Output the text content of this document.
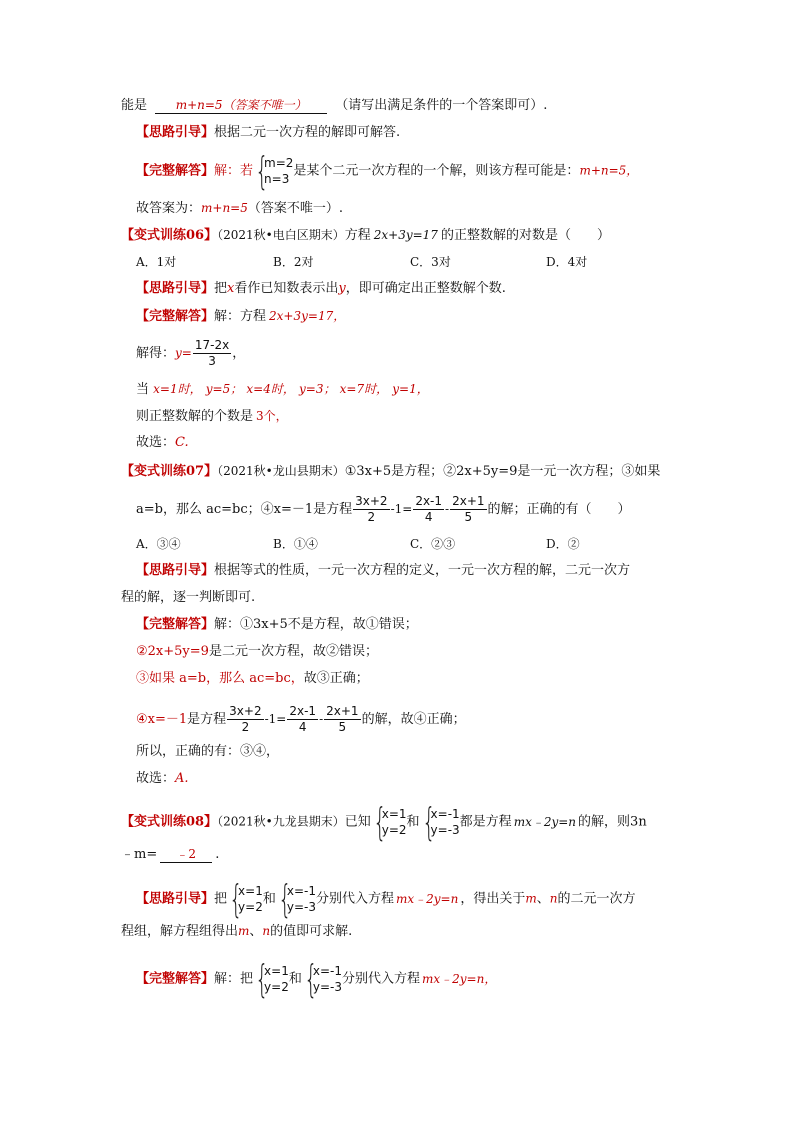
能是 m+n=5（答案不唯一） （请写出满足条件的一个答案即可）.
【思路引导】根据二元一次方程的解即可解答.
【完整解答】解：若 {
m=2
n=3
是某个二元一次方程的一个解，则该方程可能是：m+n=5，
故答案为：m+n=5（答案不唯一）.
【变式训练06】（2021秋•电白区期末）方程 2x+3y=17 的正整数解的对数是（　　）
A．1对	B．2对	C．3对	D．4对
【思路引导】把x看作已知数表示出y，即可确定出正整数解个数.
【完整解答】解：方程 2x+3y=17，
解得：$y= \frac{17-2x}{3}$ ，
当 x=1时， y=5； x=4时， y=3； x=7时， y=1，
则正整数解的个数是 3个，
故选：C.
【变式训练07】（2021秋•龙山县期末）①3x+5是方程；②2x+5y=9是一元一次方程；③如果
a=b，那么 ac=bc；④x=－1是方程 $\frac{3x+2}{2} -1= \frac{2x-1}{4} - \frac{2x+1}{5}$ 的解；正确的有（　　）
A．③④	B．①④	C．②③	D．②
【思路引导】根据等式的性质，一元一次方程的定义，一元一次方程的解，二元一次方
程的解，逐一判断即可.
【完整解答】解：①3x+5不是方程，故①错误；
②2x+5y=9是二元一次方程，故②错误；
③如果 a=b，那么 ac=bc，故③正确；
④x=－1是方程 $\frac{3x+2}{2} -1= \frac{2x-1}{4} - \frac{2x+1}{5}$ 的解，故④正确；
所以，正确的有：③④，
故选：A.
【变式训练08】（2021秋•九龙县期末）已知 {
x=1
y=2
和 {
x=-1
y=-3
都是方程 mx﹣2y=n 的解，则3n
﹣m= ﹣2 .
【思路引导】把 {
x=1
y=2
和 {
x=-1
y=-3
分别代入方程 mx﹣2y=n ，得出关于m、n的二元一次方
程组，解方程组得出m、n的值即可求解.
【完整解答】解：把 {
x=1
y=2
和 {
x=-1
y=-3
分别代入方程 mx﹣2y=n，
